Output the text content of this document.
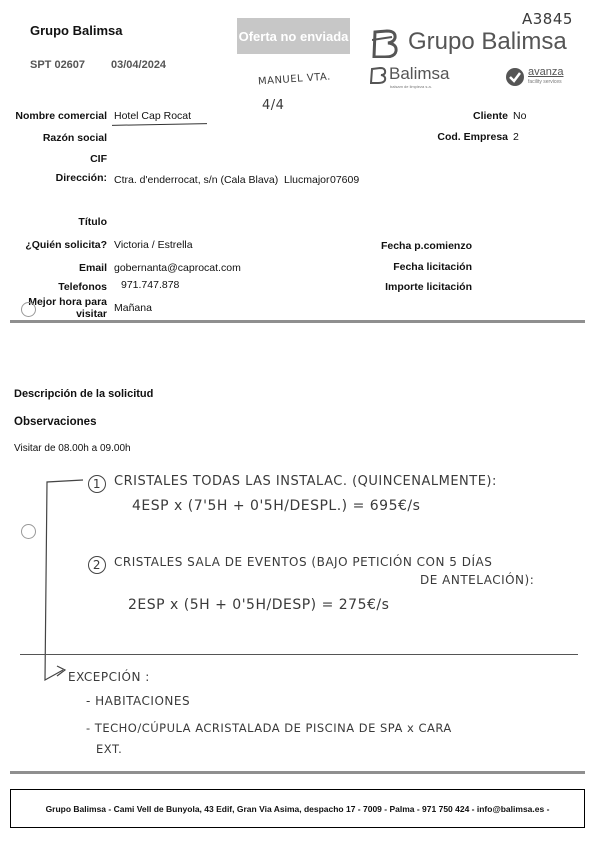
Grupo Balimsa
SPT 02607 03/04/2024
Oferta no enviada
A3845
Grupo Balimsa
Balimsa
balsam de limpieza s.a.
avanza
facility services
MANUEL VTA.
4/4
Nombre comercial Hotel Cap Rocat
Razón social
CIF
Dirección: Ctra. d'enderrocat, s/n (Cala Blava) Llucmajor 07609
Cliente No
Cod. Empresa 2
Título
¿Quién solicita? Victoria / Estrella
Email gobernanta@caprocat.com
Telefonos 971.747.878
Mejor hora para
visitar Mañana
Fecha p.comienzo
Fecha licitación
Importe licitación
Descripción de la solicitud
Observaciones
Visitar de 08.00h a 09.00h
1 CRISTALES TODAS LAS INSTALAC. (QUINCENALMENTE):
4ESP x (7'5H + 0'5H/DESPL.) = 695€/s
2	CRISTALES SALA DE EVENTOS (BAJO PETICIÓN CON 5 DÍAS
DE ANTELACIÓN):
2ESP x (5H + 0'5H/DESP) = 275€/s
EXCEPCIÓN :
- HABITACIONES
- TECHO/CÚPULA ACRISTALADA DE PISCINA DE SPA x CARA
EXT.
Grupo Balimsa - Cami Vell de Bunyola, 43 Edif, Gran Via Asima, despacho 17 - 7009 - Palma - 971 750 424 - info@balimsa.es -
